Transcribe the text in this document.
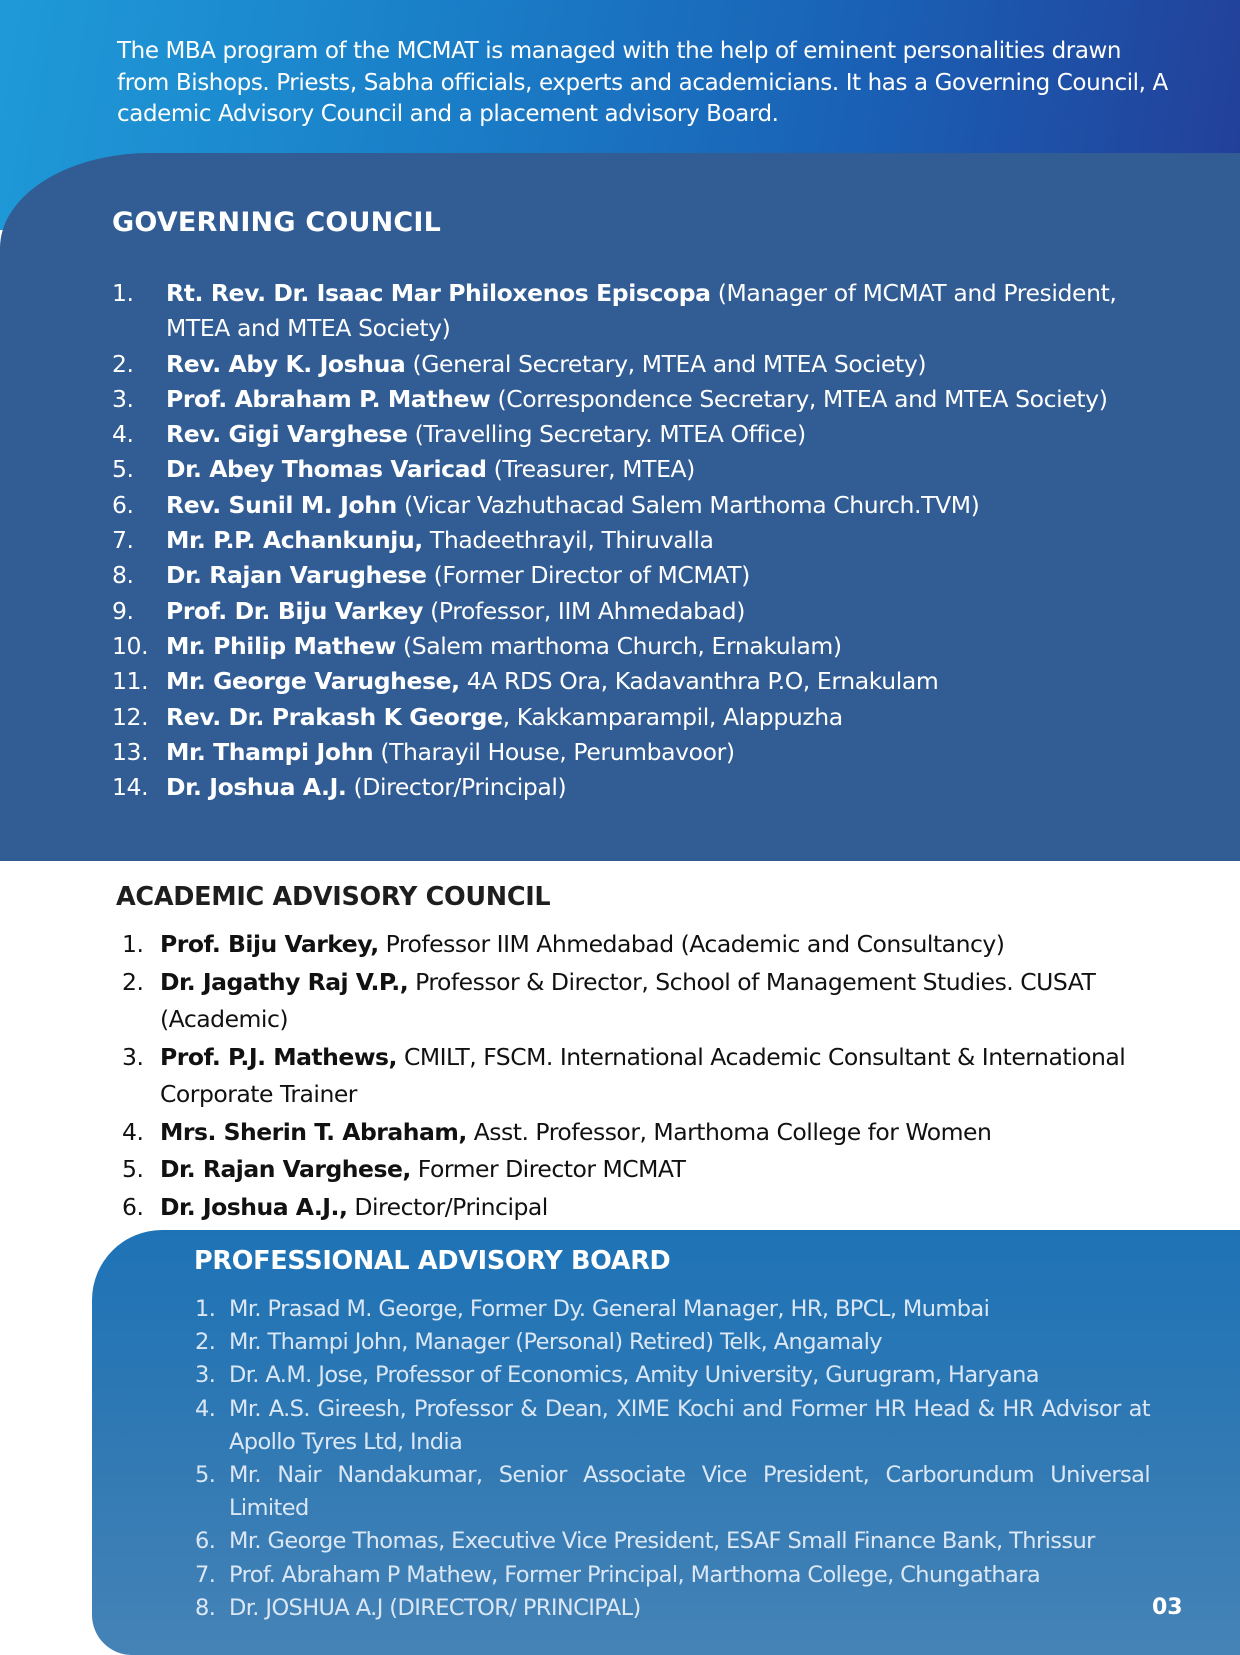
The MBA program of the MCMAT is managed with the help of eminent personalities drawn from Bishops. Priests, Sabha officials, experts and academicians. It has a Governing Council, A cademic Advisory Council and a placement advisory Board.

GOVERNING COUNCIL
1.	Rt. Rev. Dr. Isaac Mar Philoxenos Episcopa (Manager of MCMAT and President, MTEA and MTEA Society)
2.	Rev. Aby K. Joshua (General Secretary, MTEA and MTEA Society)
3.	Prof. Abraham P. Mathew (Correspondence Secretary, MTEA and MTEA Society)
4.	Rev. Gigi Varghese (Travelling Secretary. MTEA Office)
5.	Dr. Abey Thomas Varicad (Treasurer, MTEA)
6.	Rev. Sunil M. John (Vicar Vazhuthacad Salem Marthoma Church.TVM)
7.	Mr. P.P. Achankunju, Thadeethrayil, Thiruvalla
8.	Dr. Rajan Varughese (Former Director of MCMAT)
9.	Prof. Dr. Biju Varkey (Professor, IIM Ahmedabad)
10. Mr. Philip Mathew (Salem marthoma Church, Ernakulam)
11. Mr. George Varughese, 4A RDS Ora, Kadavanthra P.O, Ernakulam
12. Rev. Dr. Prakash K George, Kakkamparampil, Alappuzha
13. Mr. Thampi John (Tharayil House, Perumbavoor)
14. Dr. Joshua A.J. (Director/Principal)
ACADEMIC ADVISORY COUNCIL
1. Prof. Biju Varkey, Professor IIM Ahmedabad (Academic and Consultancy)
2. Dr. Jagathy Raj V.P., Professor & Director, School of Management Studies. CUSAT (Academic)
3. Prof. P.J. Mathews, CMILT, FSCM. International Academic Consultant & International Corporate Trainer
4. Mrs. Sherin T. Abraham, Asst. Professor, Marthoma College for Women
5. Dr. Rajan Varghese, Former Director MCMAT
6. Dr. Joshua A.J., Director/Principal
PROFESSIONAL ADVISORY BOARD
1. Mr. Prasad M. George, Former Dy. General Manager, HR, BPCL, Mumbai
2. Mr. Thampi John, Manager (Personal) Retired) Telk, Angamaly
3. Dr. A.M. Jose, Professor of Economics, Amity University, Gurugram, Haryana
4. Mr. A.S. Gireesh, Professor & Dean, XIME Kochi and Former HR Head & HR Advisor at Apollo Tyres Ltd, India
5. Mr. Nair Nandakumar, Senior Associate Vice President, Carborundum Universal Limited
6. Mr. George Thomas, Executive Vice President, ESAF Small Finance Bank, Thrissur
7. Prof. Abraham P Mathew, Former Principal, Marthoma College, Chungathara
8. Dr. JOSHUA A.J (DIRECTOR/ PRINCIPAL)	03
